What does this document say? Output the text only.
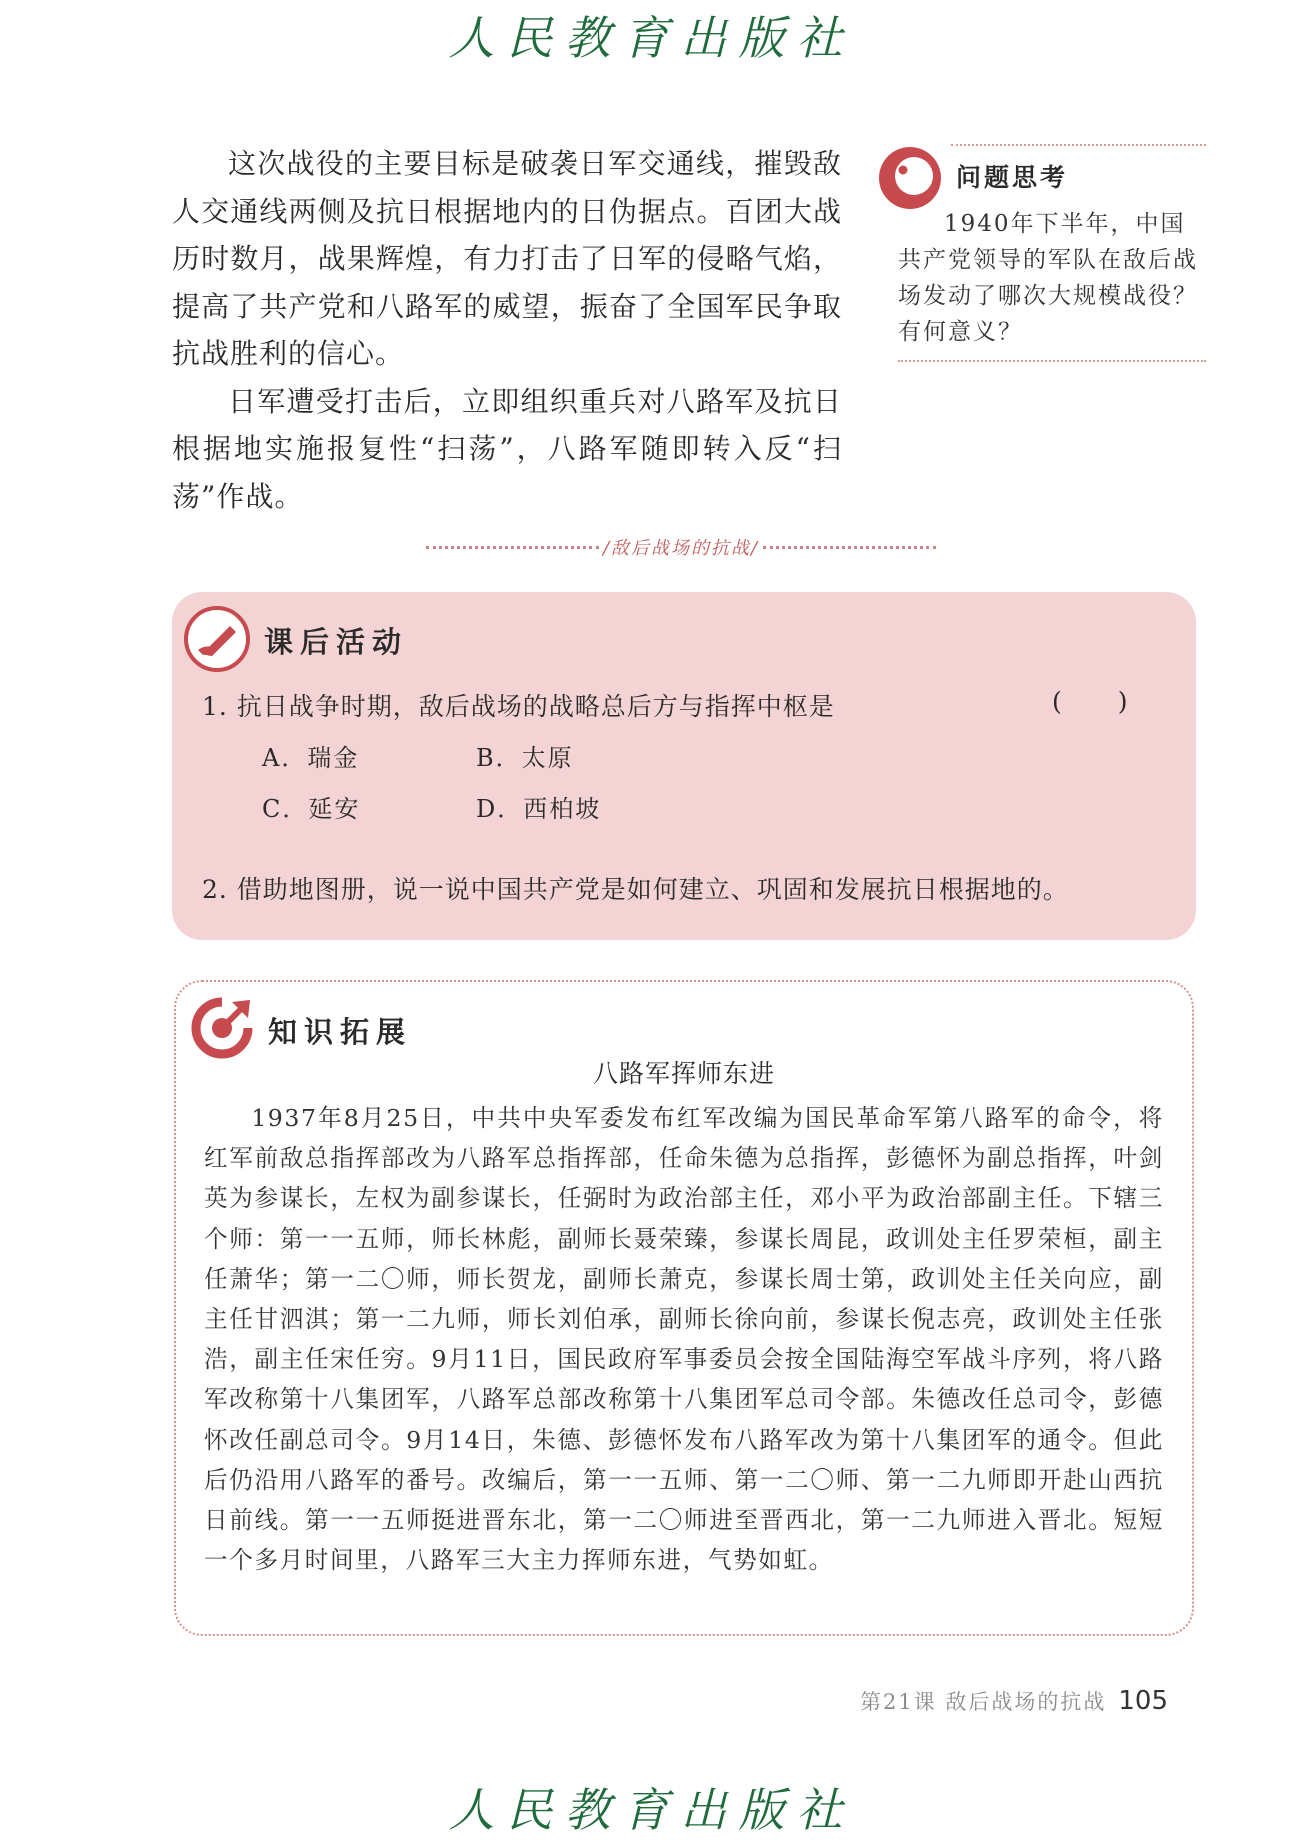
人民教育出版社

这次战役的主要目标是破袭日军交通线，摧毁敌人交通线两侧及抗日根据地内的日伪据点。百团大战历时数月，战果辉煌，有力打击了日军的侵略气焰，提高了共产党和八路军的威望，振奋了全国军民争取抗战胜利的信心。

日军遭受打击后，立即组织重兵对八路军及抗日根据地实施报复性“扫荡”，八路军随即转入反“扫荡”作战。

问题思考
1940年下半年，中国共产党领导的军队在敌后战场发动了哪次大规模战役？有何意义？
/敌后战场的抗战/
课后活动
1. 抗日战争时期，敌后战场的战略总后方与指挥中枢是	( )
A．瑞金	B．太原
C．延安	D．西柏坡
2. 借助地图册，说一说中国共产党是如何建立、巩固和发展抗日根据地的。
知识拓展
八路军挥师东进
1937年8月25日，中共中央军委发布红军改编为国民革命军第八路军的命令，将红军前敌总指挥部改为八路军总指挥部，任命朱德为总指挥，彭德怀为副总指挥，叶剑英为参谋长，左权为副参谋长，任弼时为政治部主任，邓小平为政治部副主任。下辖三个师：第一一五师，师长林彪，副师长聂荣臻，参谋长周昆，政训处主任罗荣桓，副主任萧华；第一二〇师，师长贺龙，副师长萧克，参谋长周士第，政训处主任关向应，副主任甘泗淇；第一二九师，师长刘伯承，副师长徐向前，参谋长倪志亮，政训处主任张浩，副主任宋任穷。9月11日，国民政府军事委员会按全国陆海空军战斗序列，将八路军改称第十八集团军，八路军总部改称第十八集团军总司令部。朱德改任总司令，彭德怀改任副总司令。9月14日，朱德、彭德怀发布八路军改为第十八集团军的通令。但此后仍沿用八路军的番号。改编后，第一一五师、第一二〇师、第一二九师即开赴山西抗日前线。第一一五师挺进晋东北，第一二〇师进至晋西北，第一二九师进入晋北。短短一个多月时间里，八路军三大主力挥师东进，气势如虹。
第21课 敌后战场的抗战 105
人民教育出版社
